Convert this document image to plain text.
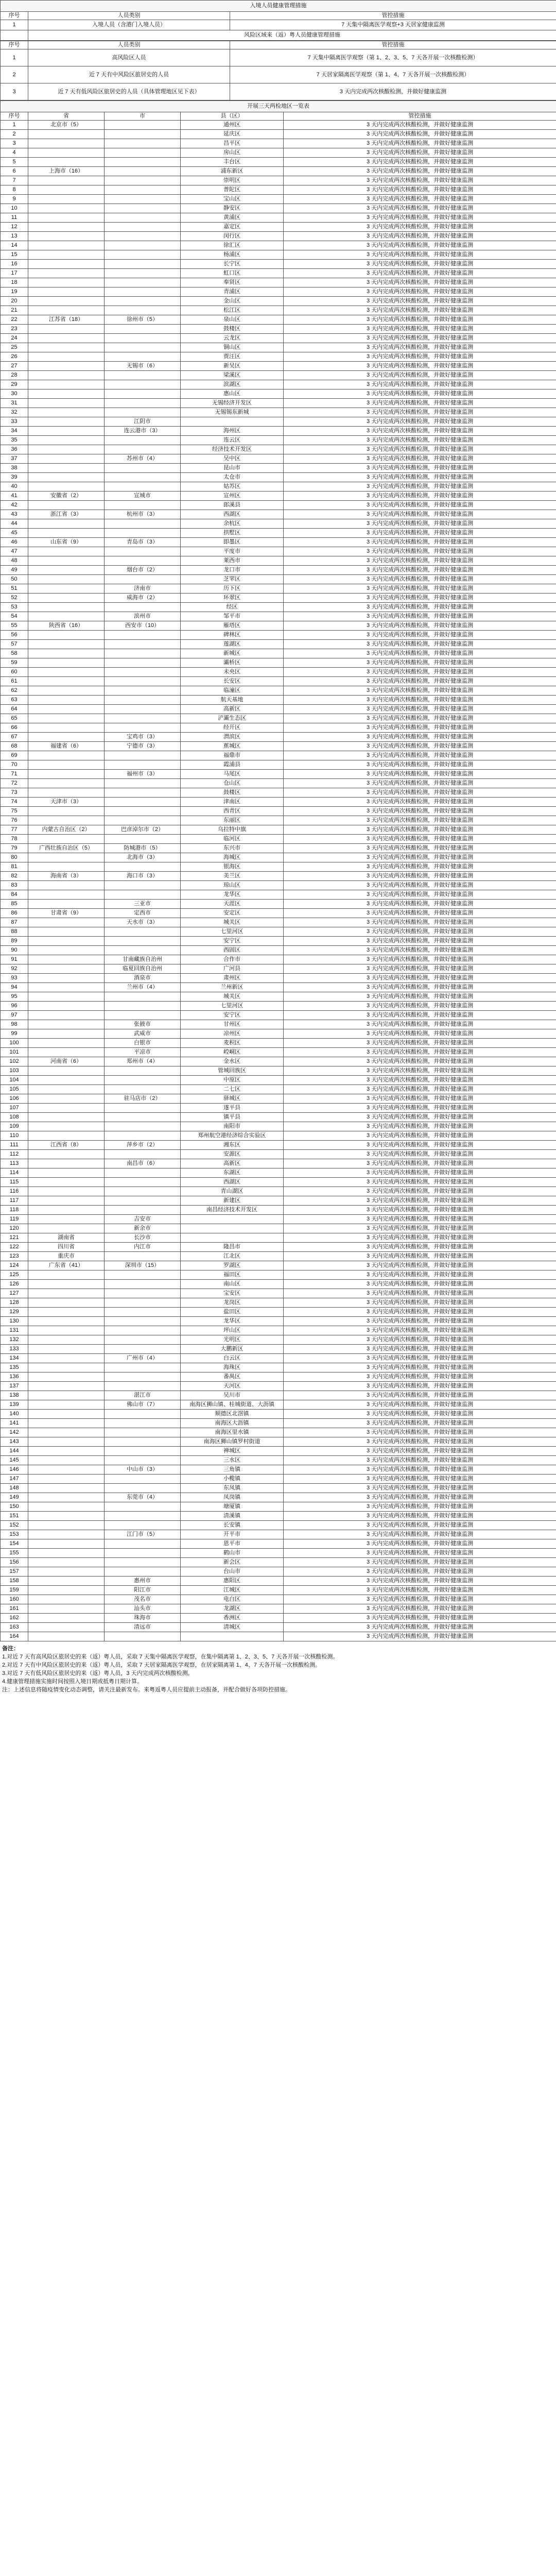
入境人员健康管理措施		
序号	人员类别	管控措施
1	入境人员（含港门入境人员）	7 天集中隔离医学观察+3 天居家健康监测
	风险区域来（返）粤人员健康管理措施	
序号	人员类别	管控措施
1	高风险区人员	7 天集中隔离医学观察（第 1、2、3、5、7 天各开展一次核酸检测）
2	近 7 天有中风险区旅居史的人员	7 天居家隔离医学观察（第 1、4、7 天各开展一次核酸检测）
3	近 7 天有低风险区旅居史的人员（具体管理地区见下表）	3 天内完成两次核酸检测，并做好健康监测
开展三天两检地区一览表				
序号	省	市	县（区）	管控措施
1	北京市（5）		通州区	3 天内完成两次核酸检测，并做好健康监测
2			延庆区	3 天内完成两次核酸检测，并做好健康监测
3			昌平区	3 天内完成两次核酸检测，并做好健康监测
4			房山区	3 天内完成两次核酸检测，并做好健康监测
5			丰台区	3 天内完成两次核酸检测，并做好健康监测
6	上海市（16）		浦东新区	3 天内完成两次核酸检测，并做好健康监测
7			崇明区	3 天内完成两次核酸检测，并做好健康监测
8			普陀区	3 天内完成两次核酸检测，并做好健康监测
9			宝山区	3 天内完成两次核酸检测，并做好健康监测
10			静安区	3 天内完成两次核酸检测，并做好健康监测
11			黄浦区	3 天内完成两次核酸检测，并做好健康监测
12			嘉定区	3 天内完成两次核酸检测，并做好健康监测
13			闵行区	3 天内完成两次核酸检测，并做好健康监测
14			徐汇区	3 天内完成两次核酸检测，并做好健康监测
15			杨浦区	3 天内完成两次核酸检测，并做好健康监测
16			长宁区	3 天内完成两次核酸检测，并做好健康监测
17			虹口区	3 天内完成两次核酸检测，并做好健康监测
18			奉贤区	3 天内完成两次核酸检测，并做好健康监测
19			青浦区	3 天内完成两次核酸检测，并做好健康监测
20			金山区	3 天内完成两次核酸检测，并做好健康监测
21			松江区	3 天内完成两次核酸检测，并做好健康监测
22	江苏省（18）	徐州市（5）	泉山区	3 天内完成两次核酸检测，并做好健康监测
23			鼓楼区	3 天内完成两次核酸检测，并做好健康监测
24			云龙区	3 天内完成两次核酸检测，并做好健康监测
25			铜山区	3 天内完成两次核酸检测，并做好健康监测
26			贾汪区	3 天内完成两次核酸检测，并做好健康监测
27		无锡市（6）	新吴区	3 天内完成两次核酸检测，并做好健康监测
28			梁溪区	3 天内完成两次核酸检测，并做好健康监测
29			滨湖区	3 天内完成两次核酸检测，并做好健康监测
30			惠山区	3 天内完成两次核酸检测，并做好健康监测
31			无锡经济开发区	3 天内完成两次核酸检测，并做好健康监测
32			无锡锡东新城	3 天内完成两次核酸检测，并做好健康监测
33		江阴市		3 天内完成两次核酸检测，并做好健康监测
34		连云港市（3）	海州区	3 天内完成两次核酸检测，并做好健康监测
35			连云区	3 天内完成两次核酸检测，并做好健康监测
36			经济技术开发区	3 天内完成两次核酸检测，并做好健康监测
37		苏州市（4）	吴中区	3 天内完成两次核酸检测，并做好健康监测
38			昆山市	3 天内完成两次核酸检测，并做好健康监测
39			太仓市	3 天内完成两次核酸检测，并做好健康监测
40			姑苏区	3 天内完成两次核酸检测，并做好健康监测
41	安徽省（2）	宣城市	宣州区	3 天内完成两次核酸检测，并做好健康监测
42			郎溪县	3 天内完成两次核酸检测，并做好健康监测
43	浙江省（3）	杭州市（3）	西湖区	3 天内完成两次核酸检测，并做好健康监测
44			余杭区	3 天内完成两次核酸检测，并做好健康监测
45			拱墅区	3 天内完成两次核酸检测，并做好健康监测
46	山东省（9）	青岛市（3）	即墨区	3 天内完成两次核酸检测，并做好健康监测
47			平度市	3 天内完成两次核酸检测，并做好健康监测
48			莱西市	3 天内完成两次核酸检测，并做好健康监测
49		烟台市（2）	龙口市	3 天内完成两次核酸检测，并做好健康监测
50			芝罘区	3 天内完成两次核酸检测，并做好健康监测
51		济南市	历下区	3 天内完成两次核酸检测，并做好健康监测
52		威海市（2）	环翠区	3 天内完成两次核酸检测，并做好健康监测
53			经区	3 天内完成两次核酸检测，并做好健康监测
54		滨州市	邹平市	3 天内完成两次核酸检测，并做好健康监测
55	陕西省（16）	西安市（10）	雁塔区	3 天内完成两次核酸检测，并做好健康监测
56			碑林区	3 天内完成两次核酸检测，并做好健康监测
57			莲湖区	3 天内完成两次核酸检测，并做好健康监测
58			新城区	3 天内完成两次核酸检测，并做好健康监测
59			灞桥区	3 天内完成两次核酸检测，并做好健康监测
60			未央区	3 天内完成两次核酸检测，并做好健康监测
61			长安区	3 天内完成两次核酸检测，并做好健康监测
62			临潼区	3 天内完成两次核酸检测，并做好健康监测
63			航天基地	3 天内完成两次核酸检测，并做好健康监测
64			高新区	3 天内完成两次核酸检测，并做好健康监测
65			浐灞生态区	3 天内完成两次核酸检测，并做好健康监测
66			经开区	3 天内完成两次核酸检测，并做好健康监测
67		宝鸡市（3）	渭滨区	3 天内完成两次核酸检测，并做好健康监测
68	福建省（6）	宁德市（3）	蕉城区	3 天内完成两次核酸检测，并做好健康监测
69			福鼎市	3 天内完成两次核酸检测，并做好健康监测
70			霞浦县	3 天内完成两次核酸检测，并做好健康监测
71		福州市（3）	马尾区	3 天内完成两次核酸检测，并做好健康监测
72			仓山区	3 天内完成两次核酸检测，并做好健康监测
73			鼓楼区	3 天内完成两次核酸检测，并做好健康监测
74	天津市（3）		津南区	3 天内完成两次核酸检测，并做好健康监测
75			西青区	3 天内完成两次核酸检测，并做好健康监测
76			东丽区	3 天内完成两次核酸检测，并做好健康监测
77	内蒙古自治区（2）	巴彦淖尔市（2）	乌拉特中旗	3 天内完成两次核酸检测，并做好健康监测
78			临河区	3 天内完成两次核酸检测，并做好健康监测
79	广西壮族自治区（5）	防城港市（5）	东兴市	3 天内完成两次核酸检测，并做好健康监测
80		北海市（3）	海城区	3 天内完成两次核酸检测，并做好健康监测
81			银海区	3 天内完成两次核酸检测，并做好健康监测
82	海南省（3）	海口市（3）	美兰区	3 天内完成两次核酸检测，并做好健康监测
83			琼山区	3 天内完成两次核酸检测，并做好健康监测
84			龙华区	3 天内完成两次核酸检测，并做好健康监测
85		三亚市	天涯区	3 天内完成两次核酸检测，并做好健康监测
86	甘肃省（9）	定西市	安定区	3 天内完成两次核酸检测，并做好健康监测
87		天水市（3）	城关区	3 天内完成两次核酸检测，并做好健康监测
88			七里河区	3 天内完成两次核酸检测，并做好健康监测
89			安宁区	3 天内完成两次核酸检测，并做好健康监测
90			西固区	3 天内完成两次核酸检测，并做好健康监测
91		甘南藏族自治州	合作市	3 天内完成两次核酸检测，并做好健康监测
92		临夏回族自治州	广河县	3 天内完成两次核酸检测，并做好健康监测
93		酒泉市	肃州区	3 天内完成两次核酸检测，并做好健康监测
94		兰州市（4）	兰州新区	3 天内完成两次核酸检测，并做好健康监测
95			城关区	3 天内完成两次核酸检测，并做好健康监测
96			七里河区	3 天内完成两次核酸检测，并做好健康监测
97			安宁区	3 天内完成两次核酸检测，并做好健康监测
98		张掖市	甘州区	3 天内完成两次核酸检测，并做好健康监测
99		武威市	凉州区	3 天内完成两次核酸检测，并做好健康监测
100		白银市	麦积区	3 天内完成两次核酸检测，并做好健康监测
101		平凉市	崆峒区	3 天内完成两次核酸检测，并做好健康监测
102	河南省（6）	郑州市（4）	金水区	3 天内完成两次核酸检测，并做好健康监测
103			管城回族区	3 天内完成两次核酸检测，并做好健康监测
104			中原区	3 天内完成两次核酸检测，并做好健康监测
105			二七区	3 天内完成两次核酸检测，并做好健康监测
106		驻马店市（2）	驿城区	3 天内完成两次核酸检测，并做好健康监测
107			遂平县	3 天内完成两次核酸检测，并做好健康监测
108			镇平县	3 天内完成两次核酸检测，并做好健康监测
109			南阳市	3 天内完成两次核酸检测，并做好健康监测
110			郑州航空港经济综合实验区	3 天内完成两次核酸检测，并做好健康监测
111	江西省（8）	萍乡市（2）	湘东区	3 天内完成两次核酸检测，并做好健康监测
112			安源区	3 天内完成两次核酸检测，并做好健康监测
113		南昌市（6）	高新区	3 天内完成两次核酸检测，并做好健康监测
114			东湖区	3 天内完成两次核酸检测，并做好健康监测
115			西湖区	3 天内完成两次核酸检测，并做好健康监测
116			青山湖区	3 天内完成两次核酸检测，并做好健康监测
117			新建区	3 天内完成两次核酸检测，并做好健康监测
118			南昌经济技术开发区	3 天内完成两次核酸检测，并做好健康监测
119		吉安市		3 天内完成两次核酸检测，并做好健康监测
120		新余市		3 天内完成两次核酸检测，并做好健康监测
121	湖南省	长沙市		3 天内完成两次核酸检测，并做好健康监测
122	四川省	内江市	隆昌市	3 天内完成两次核酸检测，并做好健康监测
123	重庆市		江北区	3 天内完成两次核酸检测，并做好健康监测
124	广东省（41）	深圳市（15）	罗湖区	3 天内完成两次核酸检测，并做好健康监测
125			福田区	3 天内完成两次核酸检测，并做好健康监测
126			南山区	3 天内完成两次核酸检测，并做好健康监测
127			宝安区	3 天内完成两次核酸检测，并做好健康监测
128			龙岗区	3 天内完成两次核酸检测，并做好健康监测
129			盐田区	3 天内完成两次核酸检测，并做好健康监测
130			龙华区	3 天内完成两次核酸检测，并做好健康监测
131			坪山区	3 天内完成两次核酸检测，并做好健康监测
132			光明区	3 天内完成两次核酸检测，并做好健康监测
133			大鹏新区	3 天内完成两次核酸检测，并做好健康监测
134		广州市（4）	白云区	3 天内完成两次核酸检测，并做好健康监测
135			海珠区	3 天内完成两次核酸检测，并做好健康监测
136			番禺区	3 天内完成两次核酸检测，并做好健康监测
137			天河区	3 天内完成两次核酸检测，并做好健康监测
138		湛江市	吴川市	3 天内完成两次核酸检测，并做好健康监测
139		佛山市（7）	南海区狮山镇、桂城街道、大沥镇	3 天内完成两次核酸检测，并做好健康监测
140			顺德区北滘镇	3 天内完成两次核酸检测，并做好健康监测
141			南海区大沥镇	3 天内完成两次核酸检测，并做好健康监测
142			南海区里水镇	3 天内完成两次核酸检测，并做好健康监测
143			南海区狮山镇罗村街道	3 天内完成两次核酸检测，并做好健康监测
144			禅城区	3 天内完成两次核酸检测，并做好健康监测
145			三水区	3 天内完成两次核酸检测，并做好健康监测
146		中山市（3）	三角镇	3 天内完成两次核酸检测，并做好健康监测
147			小榄镇	3 天内完成两次核酸检测，并做好健康监测
148			东凤镇	3 天内完成两次核酸检测，并做好健康监测
149		东莞市（4）	凤岗镇	3 天内完成两次核酸检测，并做好健康监测
150			塘厦镇	3 天内完成两次核酸检测，并做好健康监测
151			清溪镇	3 天内完成两次核酸检测，并做好健康监测
152			长安镇	3 天内完成两次核酸检测，并做好健康监测
153		江门市（5）	开平市	3 天内完成两次核酸检测，并做好健康监测
154			恩平市	3 天内完成两次核酸检测，并做好健康监测
155			鹤山市	3 天内完成两次核酸检测，并做好健康监测
156			新会区	3 天内完成两次核酸检测，并做好健康监测
157			台山市	3 天内完成两次核酸检测，并做好健康监测
158		惠州市	惠阳区	3 天内完成两次核酸检测，并做好健康监测
159		阳江市	江城区	3 天内完成两次核酸检测，并做好健康监测
160		茂名市	电白区	3 天内完成两次核酸检测，并做好健康监测
161		汕头市	龙湖区	3 天内完成两次核酸检测，并做好健康监测
162		珠海市	香洲区	3 天内完成两次核酸检测，并做好健康监测
163		清远市	清城区	3 天内完成两次核酸检测，并做好健康监测
164				3 天内完成两次核酸检测，并做好健康监测

备注：

1.对近 7 天有高风险区旅居史的来（返）粤人员，采取 7 天集中隔离医学观察，在集中隔离第 1、2、3、5、7 天各开展一次核酸检测。

2.对近 7 天有中风险区旅居史的来（返）粤人员，采取 7 天居家隔离医学观察，在居家隔离第 1、4、7 天各开展一次核酸检测。

3.对近 7 天有低风险区旅居史的来（返）粤人员，3 天内完成两次核酸检测。

4.健康管理措施实施时间按照入境日期或抵粤日期计算。

注：上述信息将随疫情变化动态调整，请关注最新发布。来粤返粤人员应提前主动报备，并配合做好各项防控措施。
